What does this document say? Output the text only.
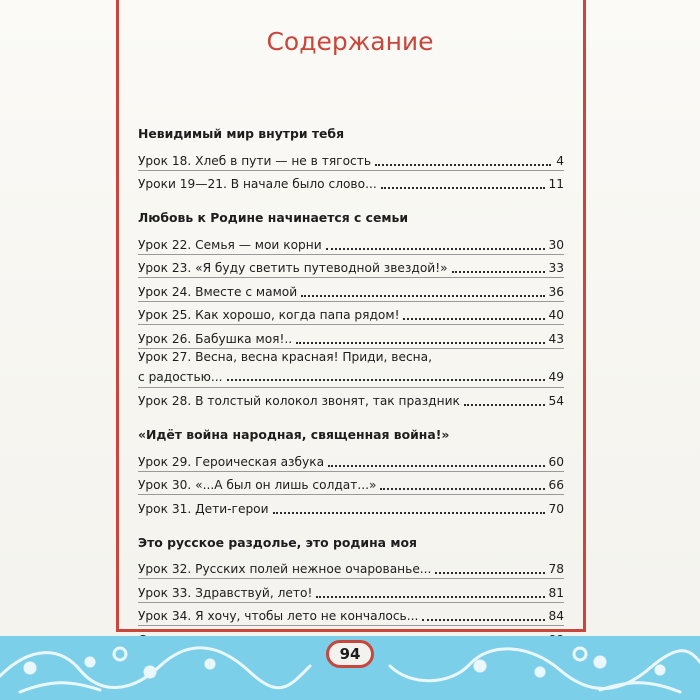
Содержание
Невидимый мир внутри тебя
Урок 18. Хлеб в пути — не в тягость	4
Уроки 19—21. В начале было слово...	11
Любовь к Родине начинается с семьи
Урок 22. Семья — мои корни	30
Урок 23. «Я буду светить путеводной звездой!»	33
Урок 24. Вместе с мамой	36
Урок 25. Как хорошо, когда папа рядом!	40
Урок 26. Бабушка моя!..	43
Урок 27. Весна, весна красная! Приди, весна,
с радостью...	49
Урок 28. В толстый колокол звонят, так праздник	54
«Идёт война народная, священная война!»
Урок 29. Героическая азбука	60
Урок 30. «...А был он лишь солдат...»	66
Урок 31. Дети-герои	70
Это русское раздолье, это родина моя
Урок 32. Русских полей нежное очарованье...	78
Урок 33. Здравствуй, лето!	81
Урок 34. Я хочу, чтобы лето не кончалось...	84
94
